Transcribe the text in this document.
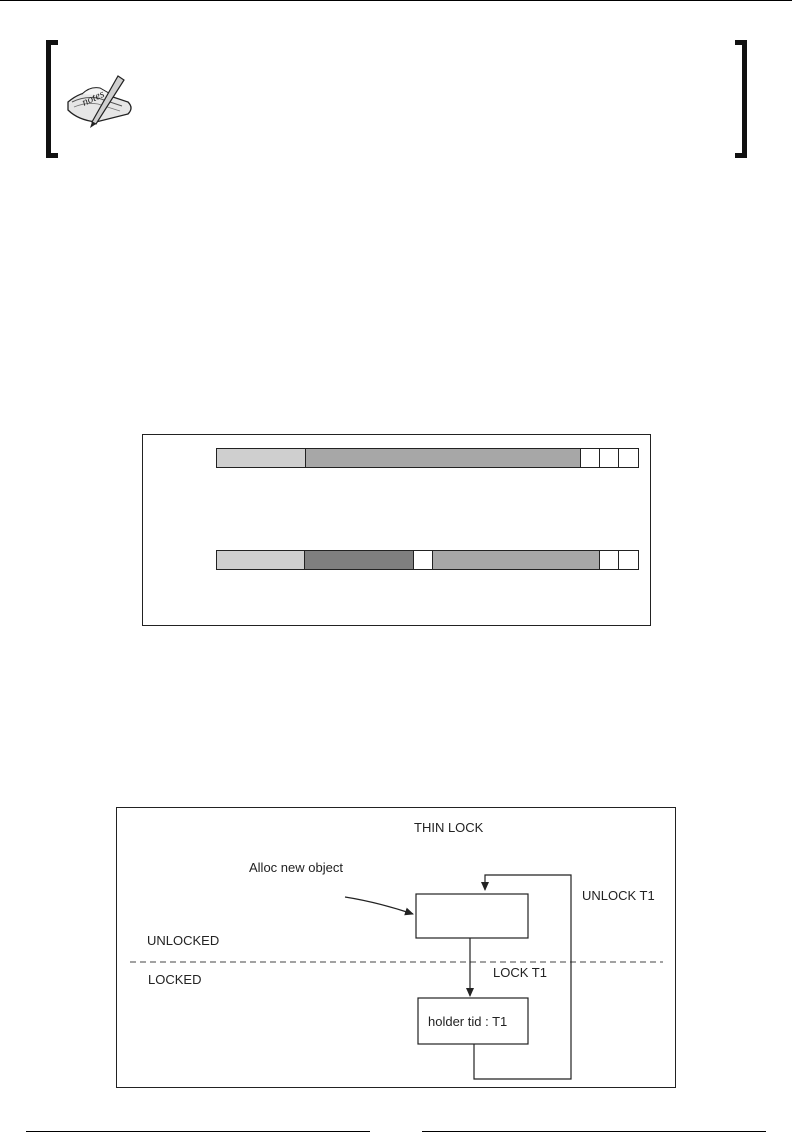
notes
THIN LOCK
Alloc new object
UNLOCK T1
UNLOCKED
LOCKED	LOCK T1
holder tid : T1
